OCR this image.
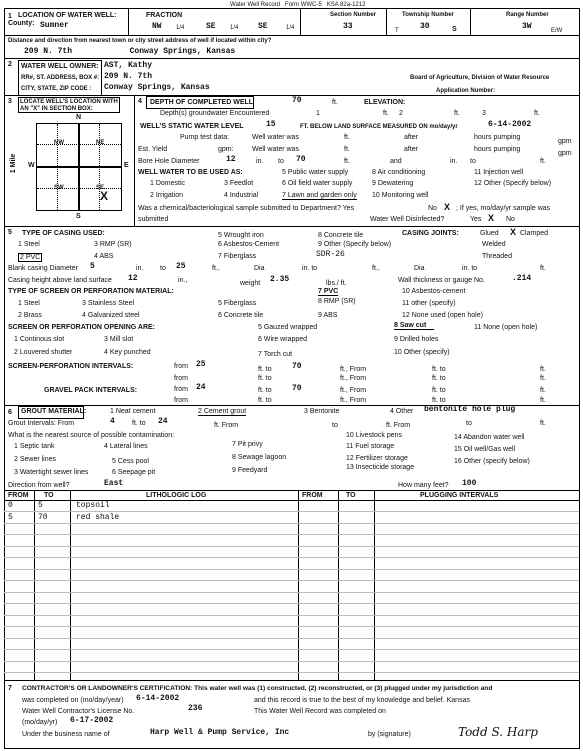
Water Well Record Form WWC-5 KSA 82a-1212
1 LOCATION OF WATER WELL:
County: Sumner
FRACTION
NW 1/4	SE 1/4 SE	1/4
Section Number
33
Township Number
30
T	S
Range Number
3W	E/W
Distance and direction from nearest town or city street address of well if located within city?
209 N. 7th            Conway Springs, Kansas
2 WATER WELL OWNER: AST, Kathy
RR#, ST. ADDRESS, BOX #: 209 N. 7th
CITY, STATE, ZIP CODE : Conway Springs, Kansas
Board of Agriculture, Division of Water Resource
Application Number:
3 LOCATE WELL'S LOCATION WITH AN "X" IN SECTION BOX:
1 Mile
N
S
W	E
NW	NE
SW	SE
X
4 DEPTH OF COMPLETED WELL	70	ft.	ELEVATION:
Depth(s) groundwater Encountered	1	ft. 2	ft.	3	ft.
WELL'S STATIC WATER LEVEL	15	FT. BELOW LAND SURFACE MEASURED ON mo/day/yr	6-14-2002
Pump test data:	Well water was	ft.	after	hours pumping
gpm
Est. Yield	gpm:	Well water was	ft.	after	hours pumping
gpm
Bore Hole Diameter	12	in. to 70	ft.	and	in. to	ft.
WELL WATER TO BE USED AS:	5 Public water supply	8 Air conditioning	11 Injection well
1 Domestic	3 Feedlot	6 Oil field water supply	9 Dewatering	12 Other (Specify below)
2 Irrigation	4 Industrial	7 Lawn and garden only 10 Monitoring well
Was a chemical/bacteriological sample submitted to Department? Yes	No X ; If yes, mo/day/yr sample was
submitted	Water Well Disinfected?	Yes X No
5 TYPE OF CASING USED:
1 Steel	3 RMP (SR)
5 Wrought iron	8 Concrete tile	CASING JOINTS:	Glued X Clamped
2 PVC	4 ABS
6 Asbestos-Cement	9 Other (Specify below)	Welded
7 Fiberglass	SDR-26	Threaded
Blank casing Diameter 5	in. to 25	ft.,	Dia	in. to	ft.,	Dia	in. to	ft.
Casing height above land surface 12	in.,	weight 2.35	lbs./ ft.	Wall thickness or gauge No.	.214
TYPE OF SCREEN OR PERFORATION MATERIAL:	7 PVC	10 Asbestos-cement
1 Steel	3 Stainless Steel	5 Fiberglass	8 RMP (SR)	11 other (specify)
2 Brass	4 Galvanized steel	6 Concrete tile	9 ABS	12 None used (open hole)
SCREEN OR PERFORATION OPENING ARE:	5 Gauzed wrapped	8 Saw cut	11 None (open hole)
1 Continous slot	3 Mill slot	6 Wire wrapped	9 Drilled holes
2 Louvered shutter	4 Key punched	7 Torch cut	10 Other (specify)
SCREEN-PERFORATION INTERVALS:	from 25
ft. to	70	ft., From	ft. to	ft.
from	ft. to	ft., From	ft. to	ft.
GRAVEL PACK INTERVALS:	from 24	ft. to	70	ft., From	ft. to	ft.
from	ft. to	ft., From	ft. to	ft.
6 GROUT MATERIAL:	1 Neat cement	2 Cement grout	3 Bentonite	4 Other bentonite hole plug
Grout Intervals: From	4 ft. to 24	ft. From	to	ft. From	to	ft.
What is the nearest source of possible contamination:	10 Livestock pens	14 Abandon water well
1 Septic tank	4 Lateral lines	7 Pit privy	11 Fuel storage	15 Oil well/Gas well
2 Sewer lines	5 Cess pool
8 Sewage lagoon	12 Fertilizer storage	16 Other (specify below)
3 Watertight sewer lines	6 Seepage pit	9 Feedyard	13 Insecticide storage
Direction from well?	East	How many feet? 100
FROM TO	LITHOLOGIC LOG	FROM	TO	PLUGGING INTERVALS
0	5	topsoil
5	70	red shale
7 CONTRACTOR'S OR LANDOWNER'S CERTIFICATION: This water well was (1) constructed, (2) reconstructed, or (3) plugged under my jurisdiction and
was completed on (mo/day/year) 6-14-2002	and this record is true to the best of my knowledge and belief. Kansas
Water Well Contractor's License No.	236	This Water Well Record was completed on
(mo/day/yr) 6-17-2002
Under the business name of	Harp Well & Pump Service, Inc	by (signature)	Todd S. Harp
